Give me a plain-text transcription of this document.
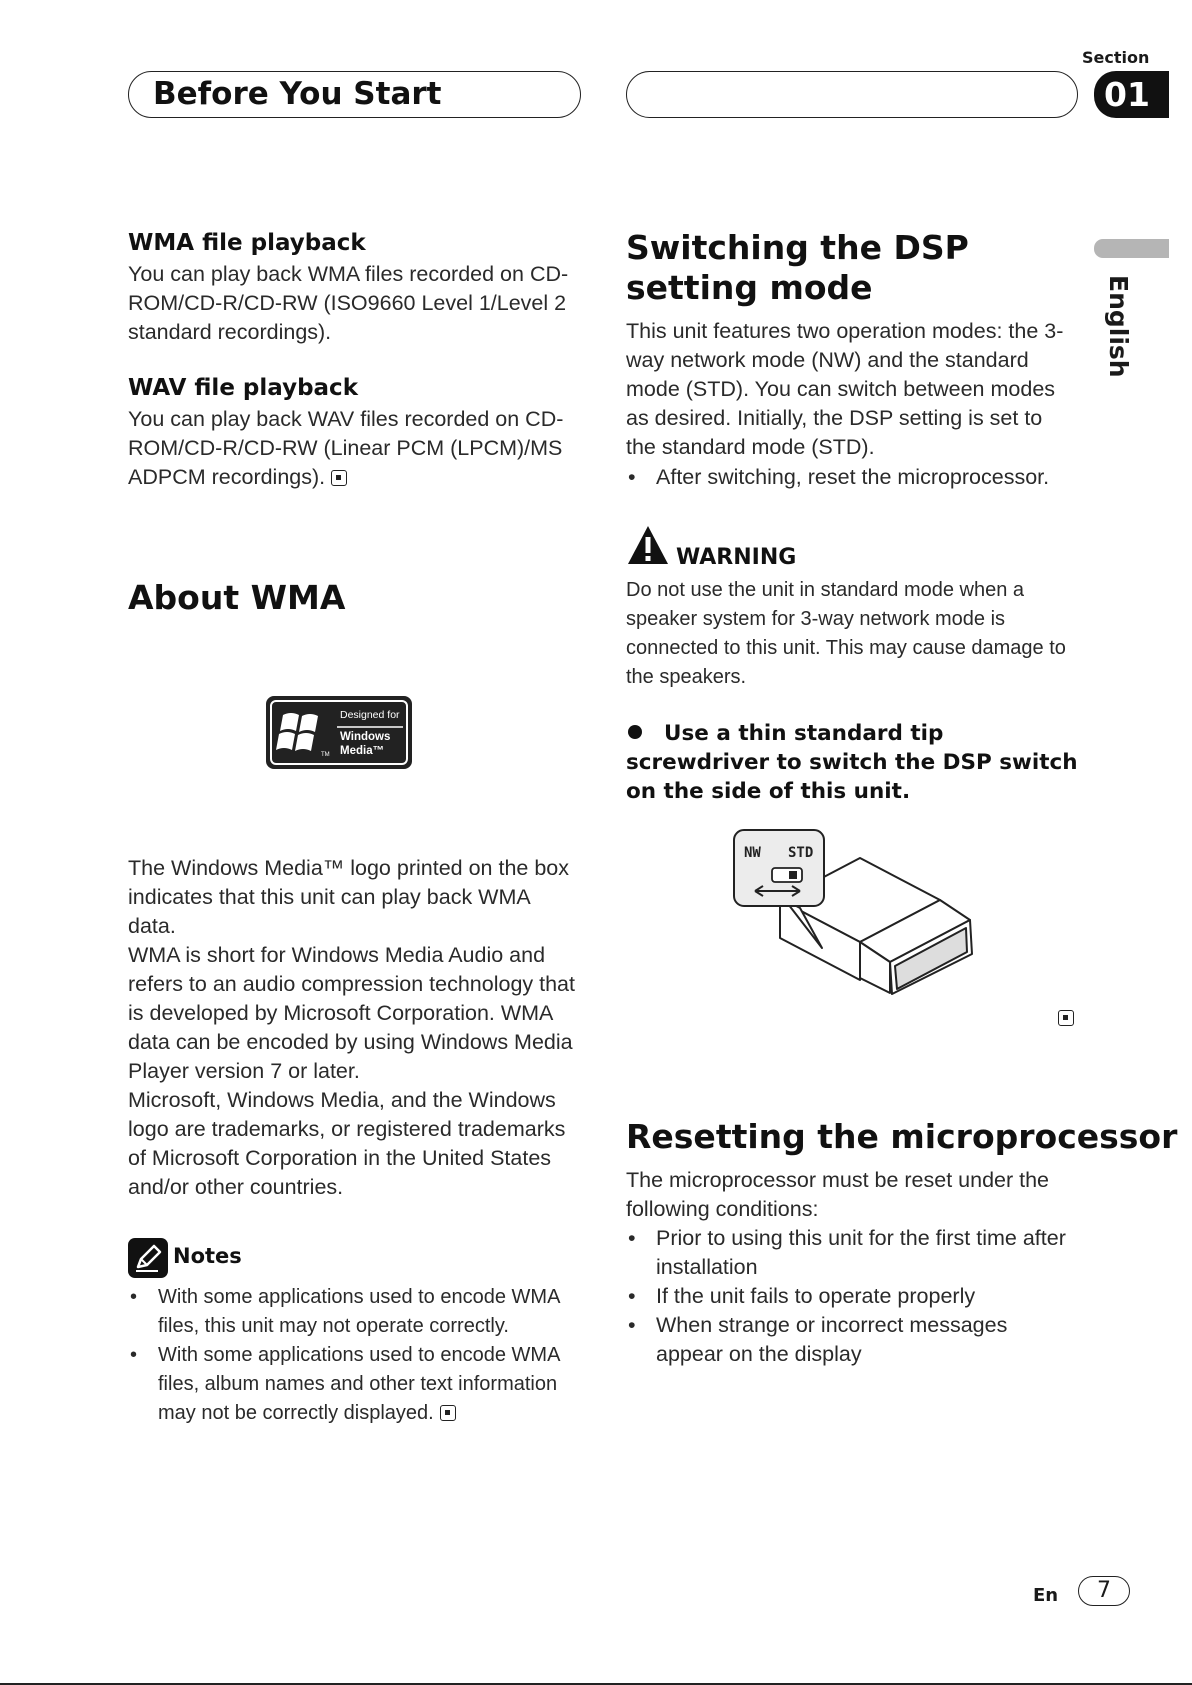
Before You Start
Section
01
English
WMA file playback
You can play back WMA files recorded on CD-ROM/CD-R/CD-RW (ISO9660 Level 1/Level 2 standard recordings).
WAV file playback
You can play back WAV files recorded on CD-ROM/CD-R/CD-RW (Linear PCM (LPCM)/MS ADPCM recordings).
About WMA
Designed for
Windows
Media™
TM
The Windows Media™ logo printed on the box indicates that this unit can play back WMA data.
WMA is short for Windows Media Audio and refers to an audio compression technology that is developed by Microsoft Corporation. WMA data can be encoded by using Windows Media Player version 7 or later.
Microsoft, Windows Media, and the Windows logo are trademarks, or registered trademarks of Microsoft Corporation in the United States and/or other countries.
Notes
• With some applications used to encode WMA files, this unit may not operate correctly.
• With some applications used to encode WMA files, album names and other text information may not be correctly displayed.
Switching the DSP setting mode
This unit features two operation modes: the 3-way network mode (NW) and the standard mode (STD). You can switch between modes as desired. Initially, the DSP setting is set to the standard mode (STD).
• After switching, reset the microprocessor.
WARNING
Do not use the unit in standard mode when a speaker system for 3-way network mode is connected to this unit. This may cause damage to the speakers.
Use a thin standard tip screwdriver to switch the DSP switch on the side of this unit.
NW STD
Resetting the microprocessor
The microprocessor must be reset under the following conditions:
• Prior to using this unit for the first time after installation
• If the unit fails to operate properly
• When strange or incorrect messages appear on the display
En	7
